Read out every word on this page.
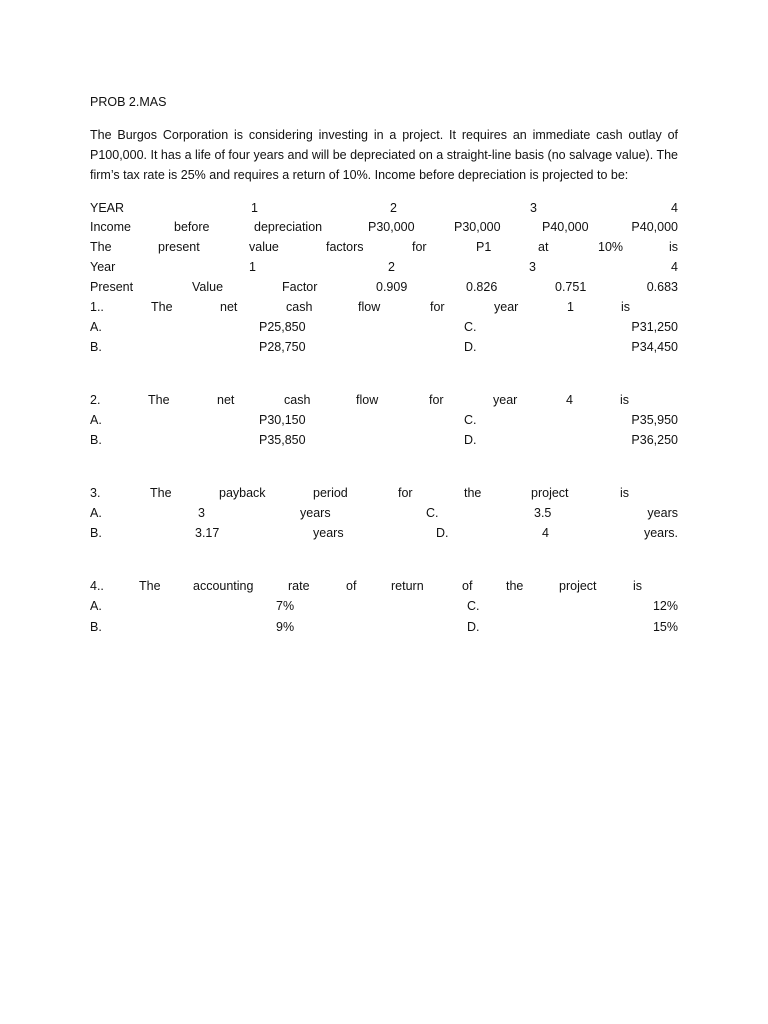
PROB 2.MAS
The Burgos Corporation is considering investing in a project. It requires an immediate cash outlay of P100,000. It has a life of four years and will be depreciated on a straight-line basis (no salvage value). The firm’s tax rate is 25% and requires a return of 10%. Income before depreciation is projected to be:
YEAR	1	2	3	4
Income	before	depreciation	P30,000	P30,000	P40,000	P40,000
The	present	value	factors	for	P1	at	10%	is
Year	1	2	3	4
Present	Value	Factor	0.909	0.826	0.751	0.683
1..	The	net	cash	flow	for	year	1	is
A.	P25,850	C.	P31,250
B.	P28,750	D.	P34,450
2.	The	net	cash	flow	for	year	4	is
A.	P30,150	C.	P35,950
B.	P35,850	D.	P36,250
3.	The	payback	period	for	the	project	is
A.	3	years	C.	3.5	years
B.	3.17	years	D.	4	years.
4..	The	accounting	rate	of	return	of	the	project	is
A.	7%	C.	12%
B.	9%	D.	15%
